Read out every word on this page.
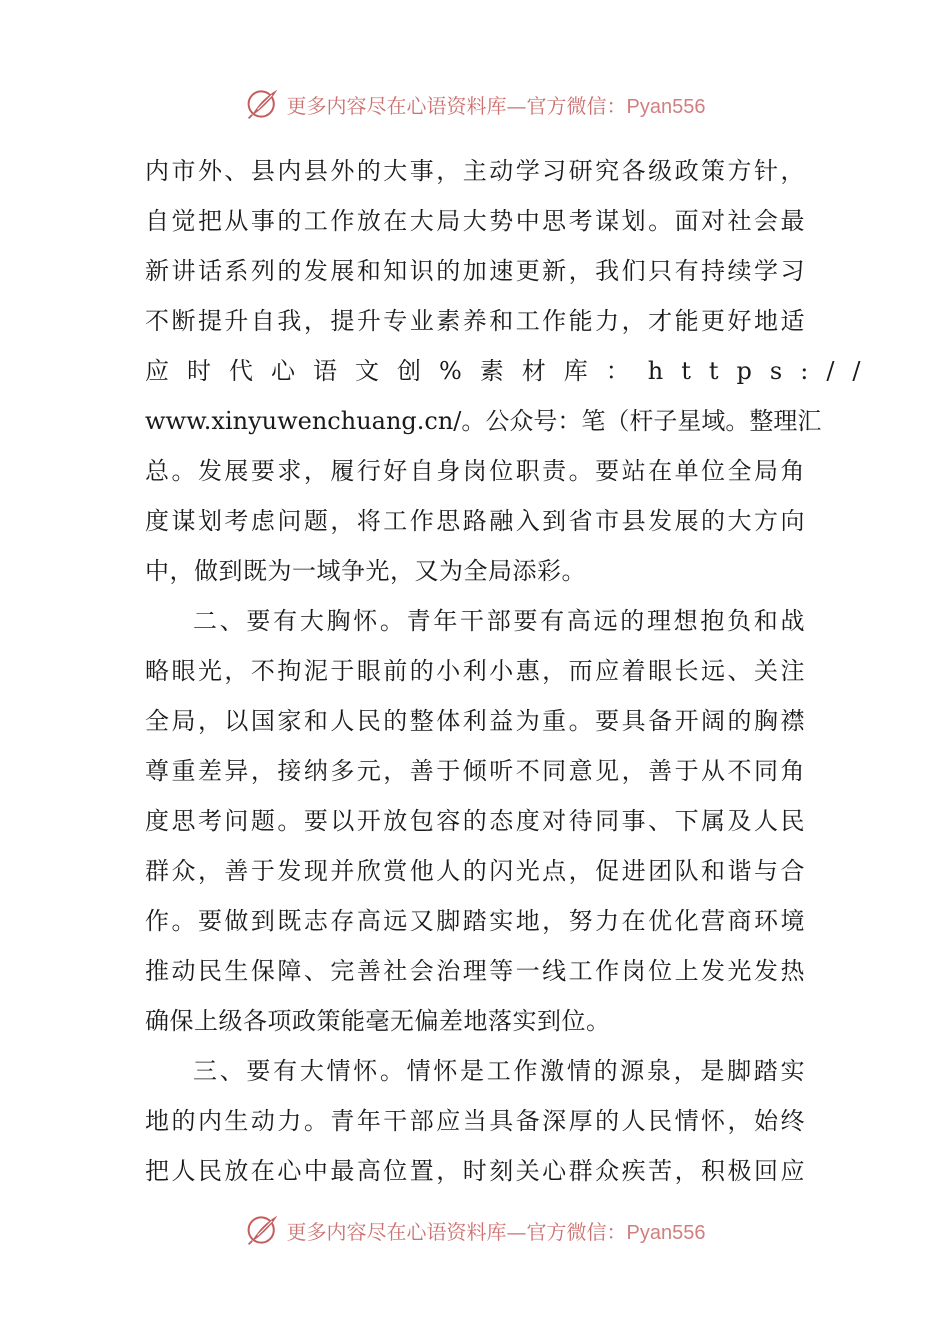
更多内容尽在心语资料库—官方微信：Pyan556
内市外、县内县外的大事，主动学习研究各级政策方针，
自觉把从事的工作放在大局大势中思考谋划。面对社会最
新讲话系列的发展和知识的加速更新，我们只有持续学习
不断提升自我，提升专业素养和工作能力，才能更好地适
应时代心语文创%素材库：https://
www.xinyuwenchuang.cn/。公众号：笔（杆子星域。整理汇
总。发展要求，履行好自身岗位职责。要站在单位全局角
度谋划考虑问题，将工作思路融入到省市县发展的大方向
中，做到既为一域争光，又为全局添彩。
二、要有大胸怀。青年干部要有高远的理想抱负和战
略眼光，不拘泥于眼前的小利小惠，而应着眼长远、关注
全局，以国家和人民的整体利益为重。要具备开阔的胸襟
尊重差异，接纳多元，善于倾听不同意见，善于从不同角
度思考问题。要以开放包容的态度对待同事、下属及人民
群众，善于发现并欣赏他人的闪光点，促进团队和谐与合
作。要做到既志存高远又脚踏实地，努力在优化营商环境
推动民生保障、完善社会治理等一线工作岗位上发光发热
确保上级各项政策能毫无偏差地落实到位。
三、要有大情怀。情怀是工作激情的源泉，是脚踏实
地的内生动力。青年干部应当具备深厚的人民情怀，始终
把人民放在心中最高位置，时刻关心群众疾苦，积极回应
更多内容尽在心语资料库—官方微信：Pyan556
